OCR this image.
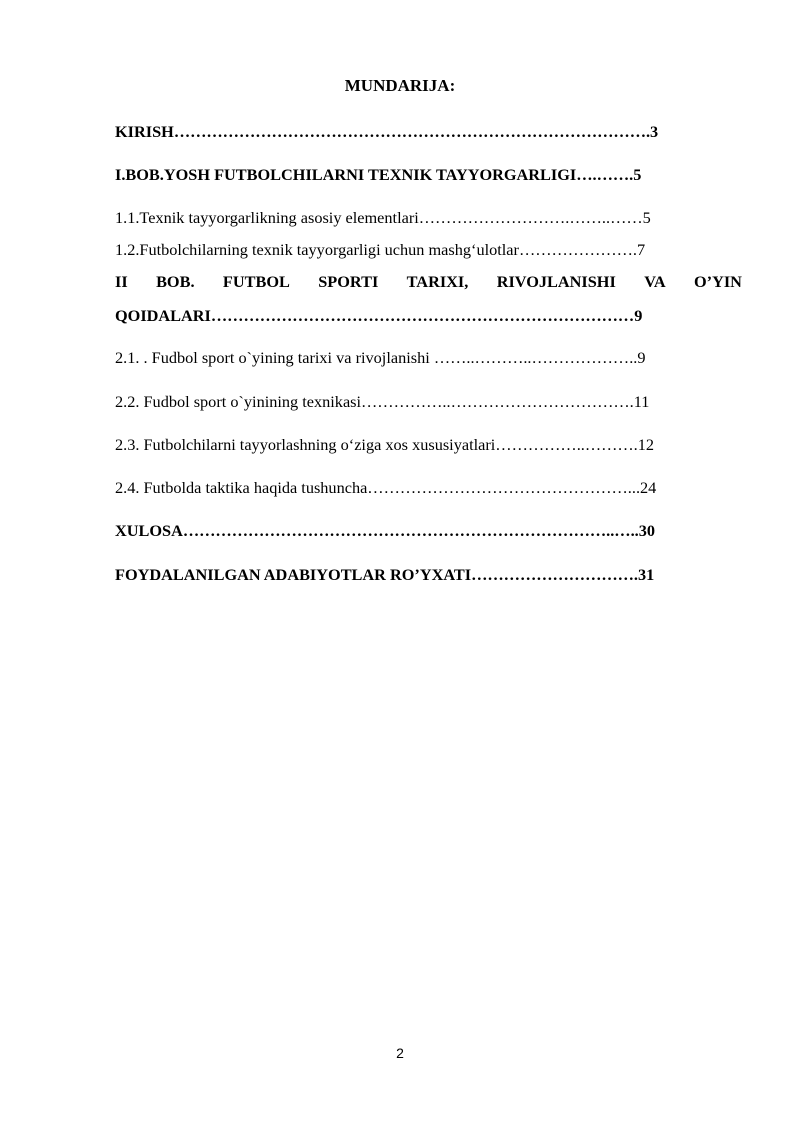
MUNDARIJA:
KIRISH…………………………………………………………………………….3
I.BOB.YOSH FUTBOLCHILARNI TEXNIK TAYYORGARLIGI….…….5
1.1.Texnik tayyorgarlikning asosiy elementlari……………………….……..……5
1.2.Futbolchilarning texnik tayyorgarligi uchun mashg‘ulotlar………………….7
II BOB. FUTBOL SPORTI TARIXI, RIVOJLANISHI VA O’YIN
QOIDALARI……………………………………………………………………9
2.1. . Fudbol sport o`yining tarixi va rivojlanishi ……..………..………………..9
2.2. Fudbol sport o`yinining texnikasi……………..…………………………….11
2.3. Futbolchilarni tayyorlashning o‘ziga xos xususiyatlari……………..……….12
2.4. Futbolda taktika haqida tushuncha…………………………………………...24
XULOSA……………………………………………………………………..…..30
FOYDALANILGAN ADABIYOTLAR RO’YXATI………………………….31
2
